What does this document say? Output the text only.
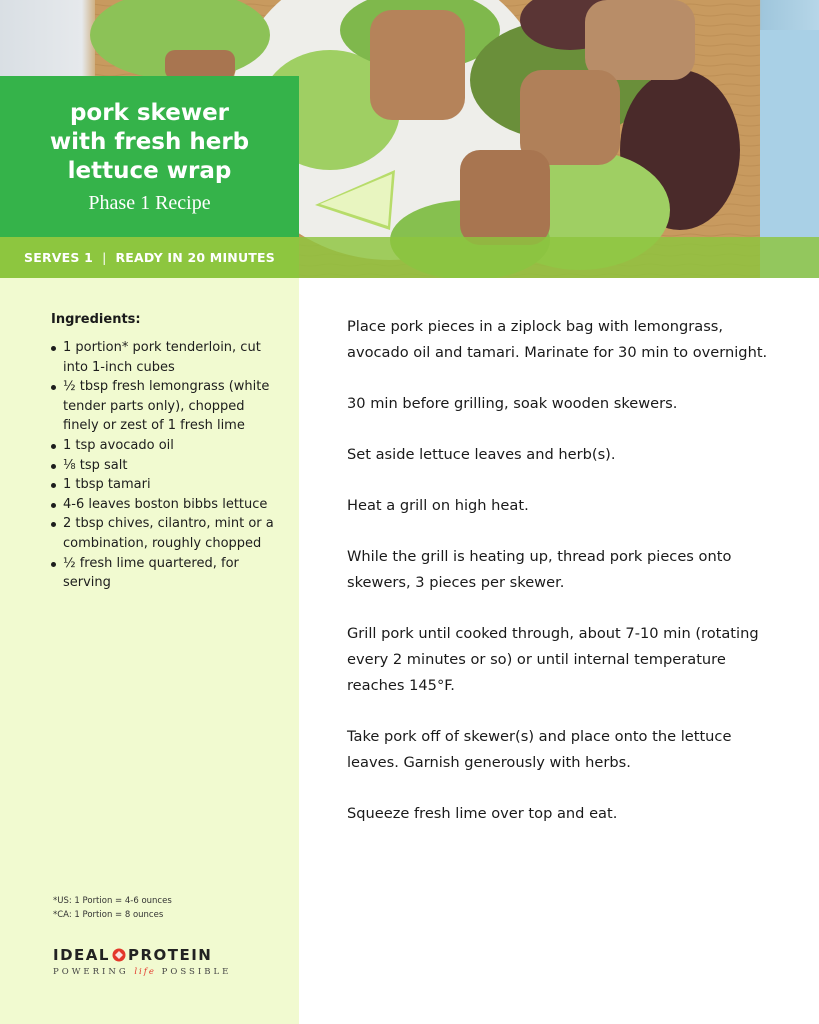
pork skewer
with fresh herb
lettuce wrap
Phase 1 Recipe
SERVES 1 | READY IN 20 MINUTES
Ingredients:
1 portion* pork tenderloin, cut into 1-inch cubes
½ tbsp fresh lemongrass (white tender parts only), chopped finely or zest of 1 fresh lime
1 tsp avocado oil
⅛ tsp salt
1 tbsp tamari
4-6 leaves boston bibbs lettuce
2 tbsp chives, cilantro, mint or a combination, roughly chopped
½ fresh lime quartered, for serving
*US: 1 Portion = 4-6 ounces
*CA: 1 Portion = 8 ounces
IDEAL PROTEIN
POWERING life POSSIBLE

Place pork pieces in a ziplock bag with lemongrass, avocado oil and tamari. Marinate for 30 min to overnight.

30 min before grilling, soak wooden skewers.

Set aside lettuce leaves and herb(s).

Heat a grill on high heat.

While the grill is heating up, thread pork pieces onto skewers, 3 pieces per skewer.

Grill pork until cooked through, about 7-10 min (rotating every 2 minutes or so) or until internal temperature reaches 145°F.

Take pork off of skewer(s) and place onto the lettuce leaves. Garnish generously with herbs.

Squeeze fresh lime over top and eat.
